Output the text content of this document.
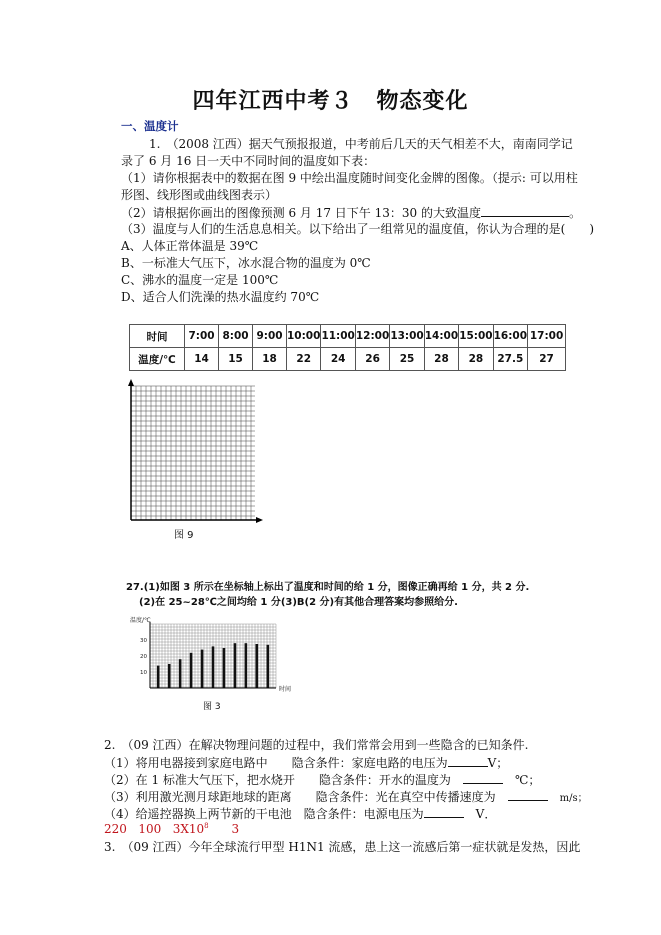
四年江西中考３　物态变化
一、温度计
1.　（2008 江西）据天气预报报道，中考前后几天的天气相差不大，南南同学记
录了 6 月 16 日一天中不同时间的温度如下表：
（1）请你根据表中的数据在图 9 中绘出温度随时间变化金牌的图像。（提示: 可以用柱
形图、线形图或曲线图表示）
（2）请根据你画出的图像预测 6 月 17 日下午 13：30 的大致温度	。
（3）温度与人们的生活息息相关。以下给出了一组常见的温度值，你认为合理的是(　　)
A、人体正常体温是 39℃
B、一标准大气压下，冰水混合物的温度为 0℃
C、沸水的温度一定是 100℃
D、适合人们洗澡的热水温度约 70℃
时间	7:00	8:00	9:00	10:00	11:00	12:00	13:00	14:00	15:00	16:00	17:00
温度/℃	14	15	18	22	24	26	25	28	28	27.5	27
图 9
27.(1)如图 3 所示在坐标轴上标出了温度和时间的给 1 分，图像正确再给 1 分，共 2 分.
(2)在 25~28℃之间均给 1 分(3)B(2 分)有其他合理答案均参照给分.
温度/℃
10
20
30
时间
图 3
2.　 （09 江西）在解决物理问题的过程中，我们常常会用到一些隐含的已知条件.
（1）将用电器接到家庭电路中　　隐含条件：家庭电路的电压为	V；
（2）在 1 标准大气压下，把水烧开　　隐含条件：开水的温度为　　	℃；
（3）利用激光测月球距地球的距离　　隐含条件：光在真空中传播速度为　　	m/s；
（4）给遥控器换上两节新的干电池　隐含条件：电源电压为　	V．
220 100 $3X10^8$ 3
3.　（09 江西）今年全球流行甲型 H1N1 流感，患上这一流感后第一症状就是发热，因此
